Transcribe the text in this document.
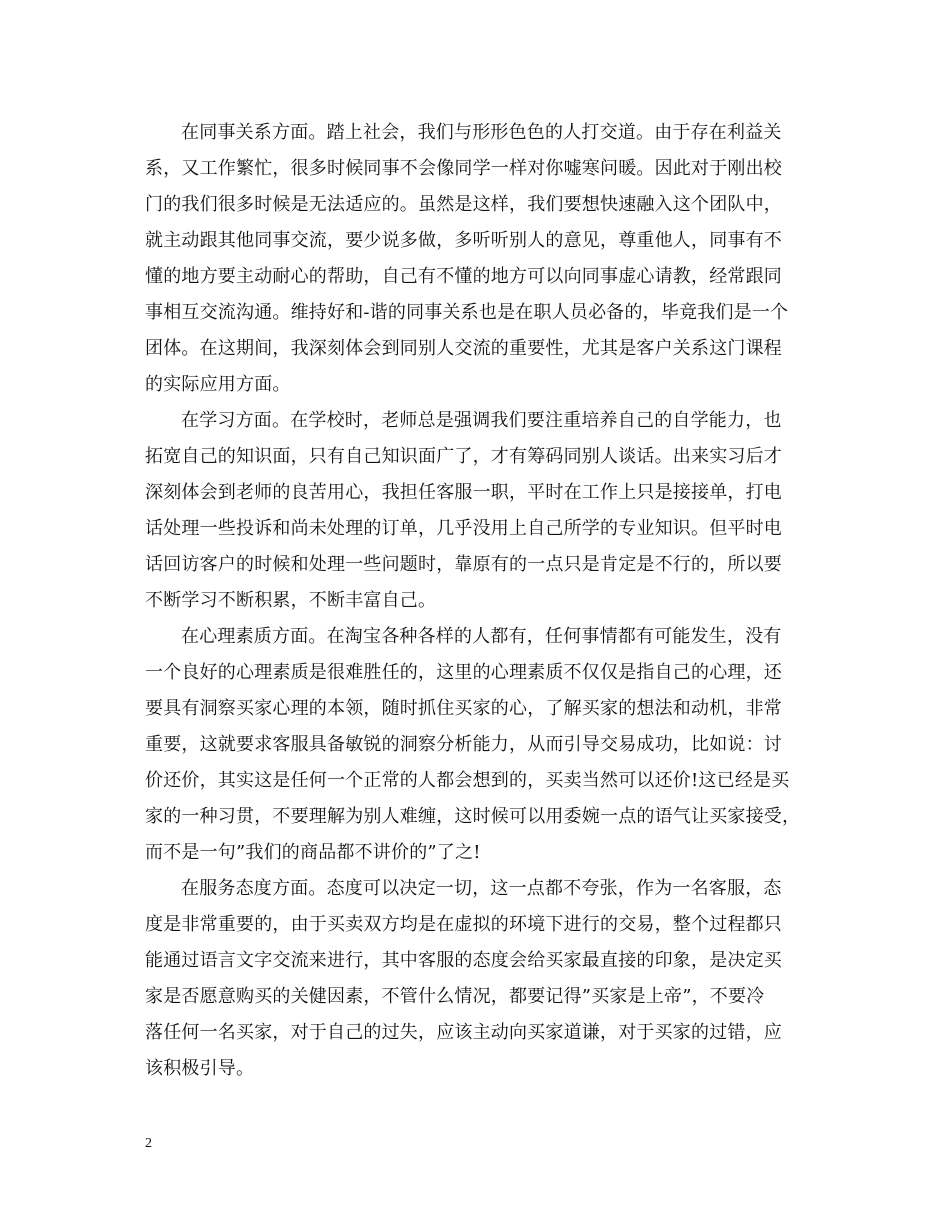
在同事关系方面。踏上社会，我们与形形色色的人打交道。由于存在利益关
系，又工作繁忙，很多时候同事不会像同学一样对你嘘寒问暖。因此对于刚出校
门的我们很多时候是无法适应的。虽然是这样，我们要想快速融入这个团队中，
就主动跟其他同事交流，要少说多做，多听听别人的意见，尊重他人，同事有不
懂的地方要主动耐心的帮助，自己有不懂的地方可以向同事虚心请教，经常跟同
事相互交流沟通。维持好和-谐的同事关系也是在职人员必备的，毕竟我们是一个
团体。在这期间，我深刻体会到同别人交流的重要性，尤其是客户关系这门课程
的实际应用方面。
在学习方面。在学校时，老师总是强调我们要注重培养自己的自学能力，也
拓宽自己的知识面，只有自己知识面广了，才有筹码同别人谈话。出来实习后才
深刻体会到老师的良苦用心，我担任客服一职，平时在工作上只是接接单，打电
话处理一些投诉和尚未处理的订单，几乎没用上自己所学的专业知识。但平时电
话回访客户的时候和处理一些问题时，靠原有的一点只是肯定是不行的，所以要
不断学习不断积累，不断丰富自己。
在心理素质方面。在淘宝各种各样的人都有，任何事情都有可能发生，没有
一个良好的心理素质是很难胜任的，这里的心理素质不仅仅是指自己的心理，还
要具有洞察买家心理的本领，随时抓住买家的心，了解买家的想法和动机，非常
重要，这就要求客服具备敏锐的洞察分析能力，从而引导交易成功，比如说：讨
价还价，其实这是任何一个正常的人都会想到的，买卖当然可以还价!这已经是买
家的一种习贯，不要理解为别人难缠，这时候可以用委婉一点的语气让买家接受，
而不是一句”我们的商品都不讲价的”了之!
在服务态度方面。态度可以决定一切，这一点都不夸张，作为一名客服，态
度是非常重要的，由于买卖双方均是在虚拟的环境下进行的交易，整个过程都只
能通过语言文字交流来进行，其中客服的态度会给买家最直接的印象，是决定买
家是否愿意购买的关健因素，不管什么情况，都要记得”买家是上帝”，不要冷
落任何一名买家，对于自己的过失，应该主动向买家道谦，对于买家的过错，应
该积极引导。
2
